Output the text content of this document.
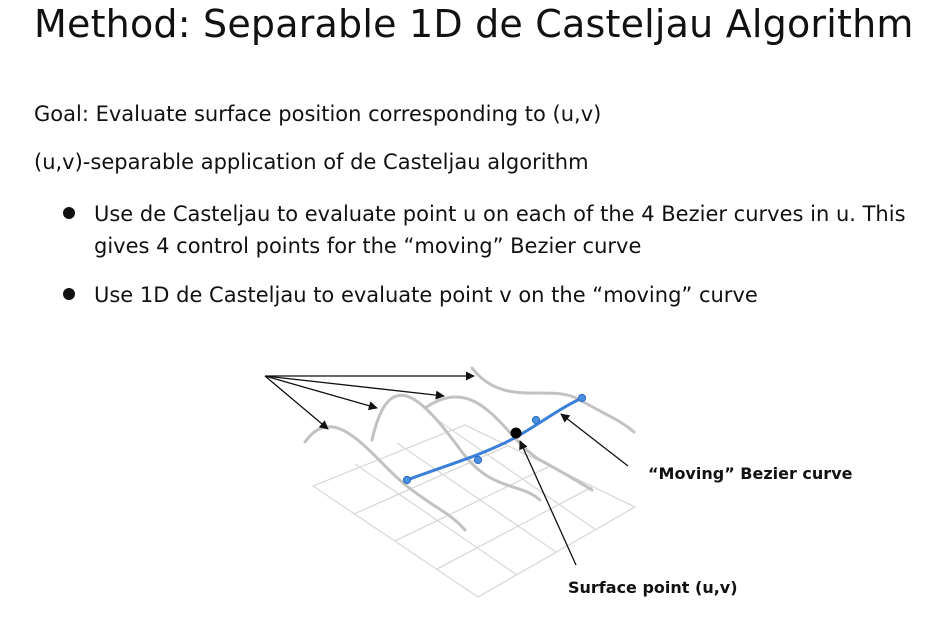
Method: Separable 1D de Casteljau Algorithm

Goal: Evaluate surface position corresponding to (u,v)

(u,v)-separable application of de Casteljau algorithm

Use de Casteljau to evaluate point u on each of the 4 Bezier curves in u. This gives 4 control points for the “moving” Bezier curve
Use 1D de Casteljau to evaluate point v on the “moving” curve
“Moving” Bezier curve
Surface point (u,v)
